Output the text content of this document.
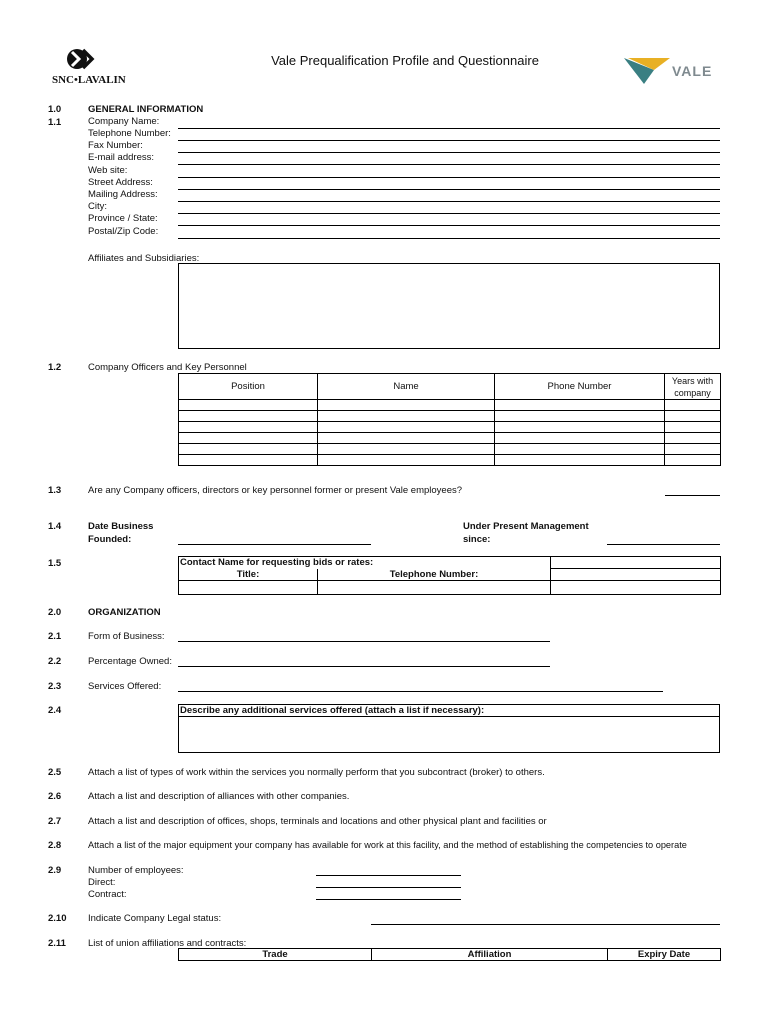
SNC•LAVALIN
Vale Prequalification Profile and Questionnaire
VALE
1.0	GENERAL INFORMATION
1.1	Company Name:
Telephone Number:
Fax Number:
E-mail address:
Web site:
Street Address:
Mailing Address:
City:
Province / State:
Postal/Zip Code:
Affiliates and Subsidiaries:
1.2	Company Officers and Key Personnel
Position	Name	Phone Number	Years with company

1.3	Are any Company officers, directors or key personnel former or present Vale employees?
1.4	Date Business
Founded:
Under Present Management
since:
1.5	Contact Name for requesting bids or rates:		
Title:	Telephone Number:	

2.0	ORGANIZATION
2.1	Form of Business:
2.2	Percentage Owned:
2.3	Services Offered:
2.4	Describe any additional services offered (attach a list if necessary):
2.5	Attach a list of types of work within the services you normally perform that you subcontract (broker) to others.
2.6	Attach a list and description of alliances with other companies.
2.7	Attach a list and description of offices, shops, terminals and locations and other physical plant and facilities or
2.8	Attach a list of the major equipment your company has available for work at this facility, and the method of establishing the competencies to operate
2.9	Number of employees:
Direct:
Contract:
2.10 Indicate Company Legal status:
2.11 List of union affiliations and contracts:
Trade	Affiliation	Expiry Date
